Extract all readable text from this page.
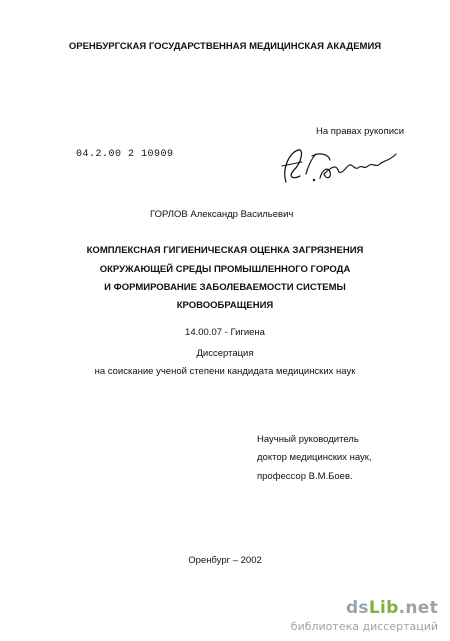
ОРЕНБУРГСКАЯ ГОСУДАРСТВЕННАЯ МЕДИЦИНСКАЯ АКАДЕМИЯ
На правах рукописи
04.2.00 2 10909
ГОРЛОВ Александр Васильевич
КОМПЛЕКСНАЯ ГИГИЕНИЧЕСКАЯ ОЦЕНКА ЗАГРЯЗНЕНИЯ
ОКРУЖАЮЩЕЙ СРЕДЫ ПРОМЫШЛЕННОГО ГОРОДА
И ФОРМИРОВАНИЕ ЗАБОЛЕВАЕМОСТИ СИСТЕМЫ
КРОВООБРАЩЕНИЯ
14.00.07 - Гигиена
Диссертация
на соискание ученой степени кандидата медицинских наук
Научный руководитель
доктор медицинских наук,
профессор В.М.Боев.
Оренбург – 2002
dsLib.net
библиотека диссертаций
